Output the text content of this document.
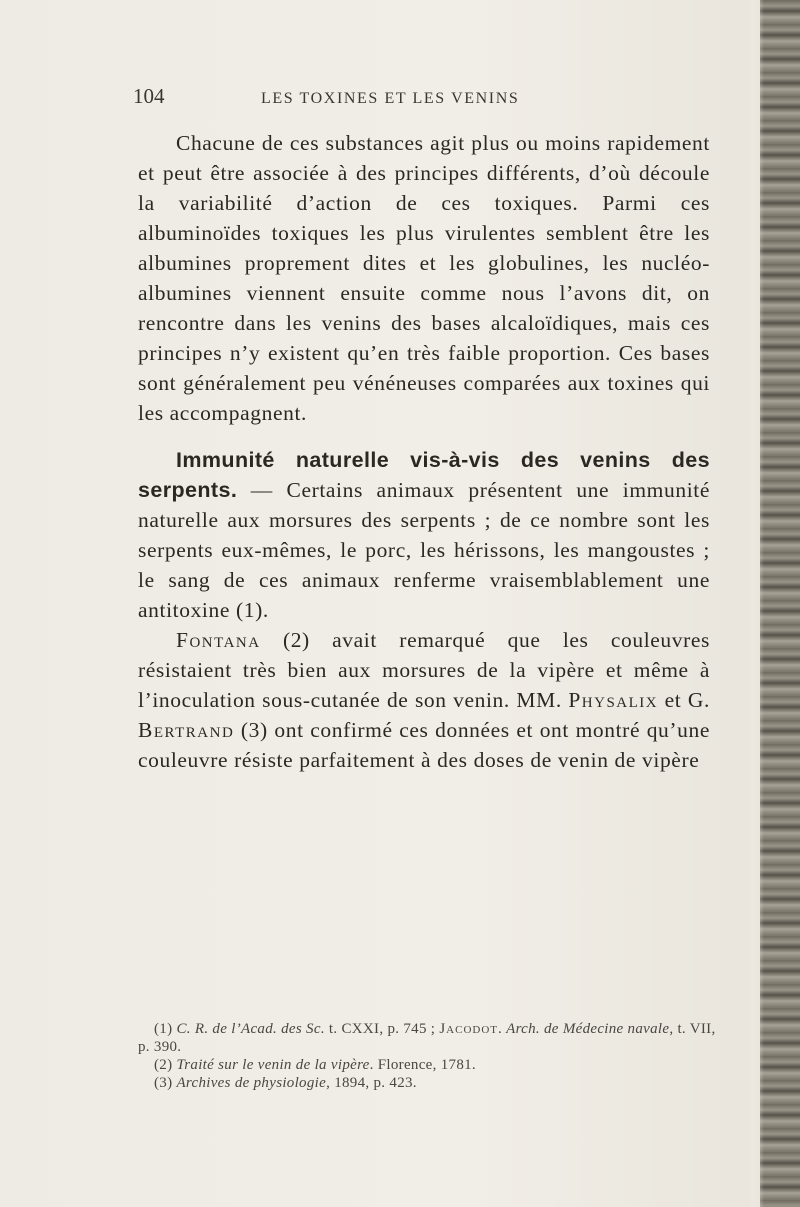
104	LES TOXINES ET LES VENINS

Chacune de ces substances agit plus ou moins rapidement et peut être associée à des principes différents, d’où découle la variabilité d’action de ces toxiques. Parmi ces albuminoïdes toxiques les plus virulentes semblent être les albumines proprement dites et les globulines, les nucléo-albumines viennent ensuite comme nous l’avons dit, on rencontre dans les venins des bases alcaloïdiques, mais ces principes n’y existent qu’en très faible proportion. Ces bases sont généralement peu vénéneuses comparées aux toxines qui les accompagnent.

Immunité naturelle vis-à-vis des venins des serpents. — Certains animaux présentent une immunité naturelle aux morsures des serpents ; de ce nombre sont les serpents eux-mêmes, le porc, les hérissons, les mangoustes ; le sang de ces animaux renferme vraisemblablement une antitoxine (1).

Fontana (2) avait remarqué que les couleuvres résistaient très bien aux morsures de la vipère et même à l’inoculation sous-cutanée de son venin. MM. Physalix et G. Bertrand (3) ont confirmé ces données et ont montré qu’une couleuvre résiste parfaitement à des doses de venin de vipère

(1) C. R. de l’Acad. des Sc. t. CXXI, p. 745 ; Jacodot. Arch. de Médecine navale, t. VII, p. 390.
(2) Traité sur le venin de la vipère. Florence, 1781.
(3) Archives de physiologie, 1894, p. 423.
